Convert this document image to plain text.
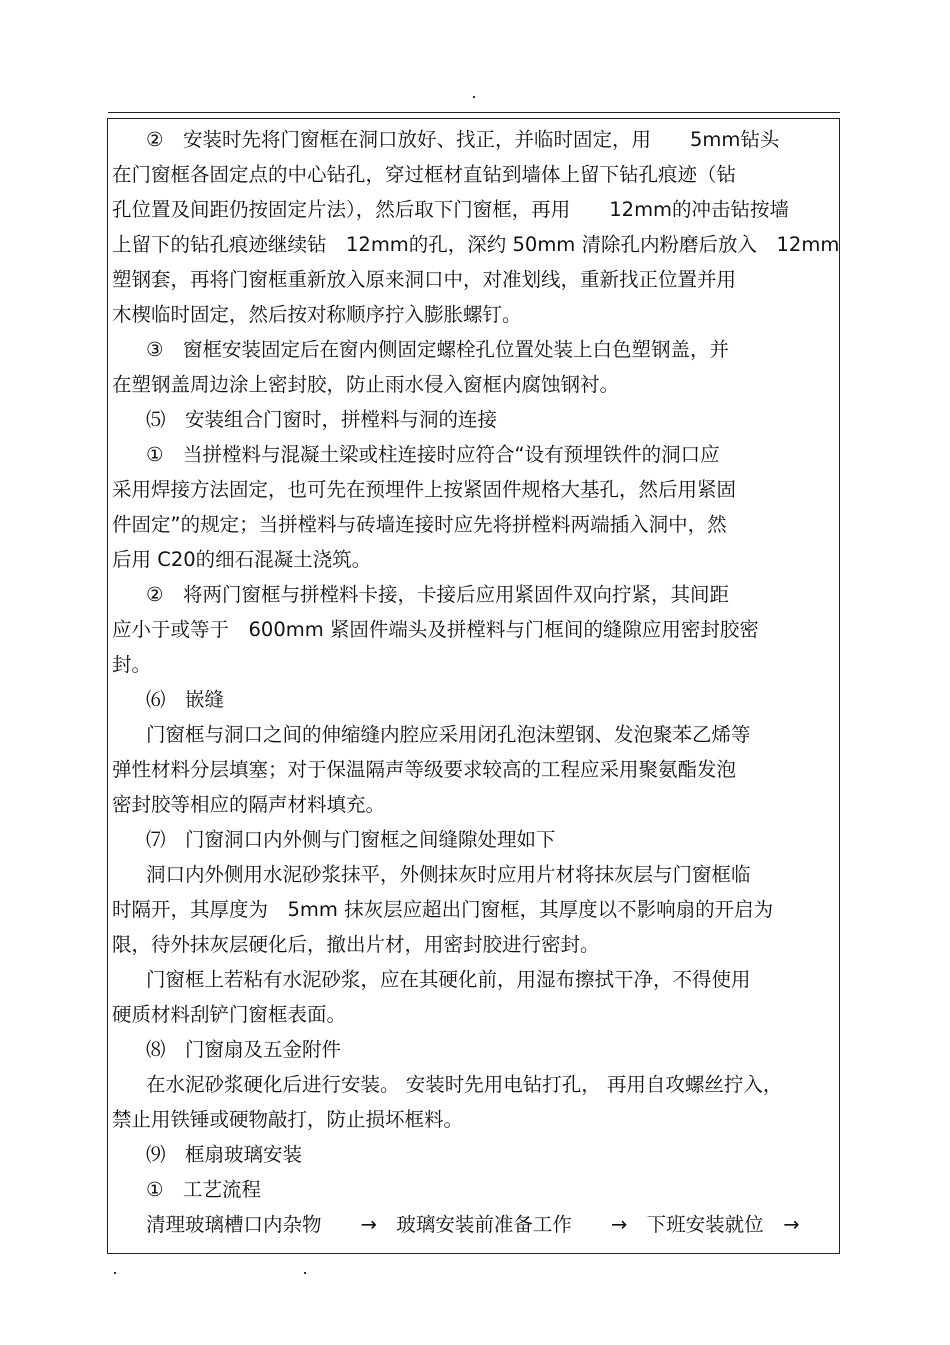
②　安装时先将门窗框在洞口放好、找正，并临时固定，用　　5mm钻头
在门窗框各固定点的中心钻孔，穿过框材直钻到墙体上留下钻孔痕迹（钻
孔位置及间距仍按固定片法），然后取下门窗框，再用　　12mm的冲击钻按墙
上留下的钻孔痕迹继续钻　12mm的孔，深约 50mm 清除孔内粉磨后放入　12mm
塑钢套，再将门窗框重新放入原来洞口中，对准划线，重新找正位置并用
木楔临时固定，然后按对称顺序拧入膨胀螺钉。
③　窗框安装固定后在窗内侧固定螺栓孔位置处装上白色塑钢盖，并
在塑钢盖周边涂上密封胶，防止雨水侵入窗框内腐蚀钢衬。
⑸　安装组合门窗时，拼樘料与洞的连接
①　当拼樘料与混凝土梁或柱连接时应符合“设有预埋铁件的洞口应
采用焊接方法固定，也可先在预埋件上按紧固件规格大基孔，然后用紧固
件固定”的规定；当拼樘料与砖墙连接时应先将拼樘料两端插入洞中，然
后用 C20的细石混凝土浇筑。
②　将两门窗框与拼樘料卡接，卡接后应用紧固件双向拧紧，其间距
应小于或等于　600mm 紧固件端头及拼樘料与门框间的缝隙应用密封胶密
封。
⑹　嵌缝
门窗框与洞口之间的伸缩缝内腔应采用闭孔泡沫塑钢、发泡聚苯乙烯等
弹性材料分层填塞；对于保温隔声等级要求较高的工程应采用聚氨酯发泡
密封胶等相应的隔声材料填充。
⑺　门窗洞口内外侧与门窗框之间缝隙处理如下
洞口内外侧用水泥砂浆抹平，外侧抹灰时应用片材将抹灰层与门窗框临
时隔开，其厚度为　5mm 抹灰层应超出门窗框，其厚度以不影响扇的开启为
限，待外抹灰层硬化后，撤出片材，用密封胶进行密封。
门窗框上若粘有水泥砂浆，应在其硬化前，用湿布擦拭干净，不得使用
硬质材料刮铲门窗框表面。
⑻　门窗扇及五金附件
在水泥砂浆硬化后进行安装。 安装时先用电钻打孔， 再用自攻螺丝拧入，
禁止用铁锤或硬物敲打，防止损坏框料。
⑼　框扇玻璃安装
①　工艺流程
清理玻璃槽口内杂物　　→　玻璃安装前准备工作　　→　下班安装就位　→
